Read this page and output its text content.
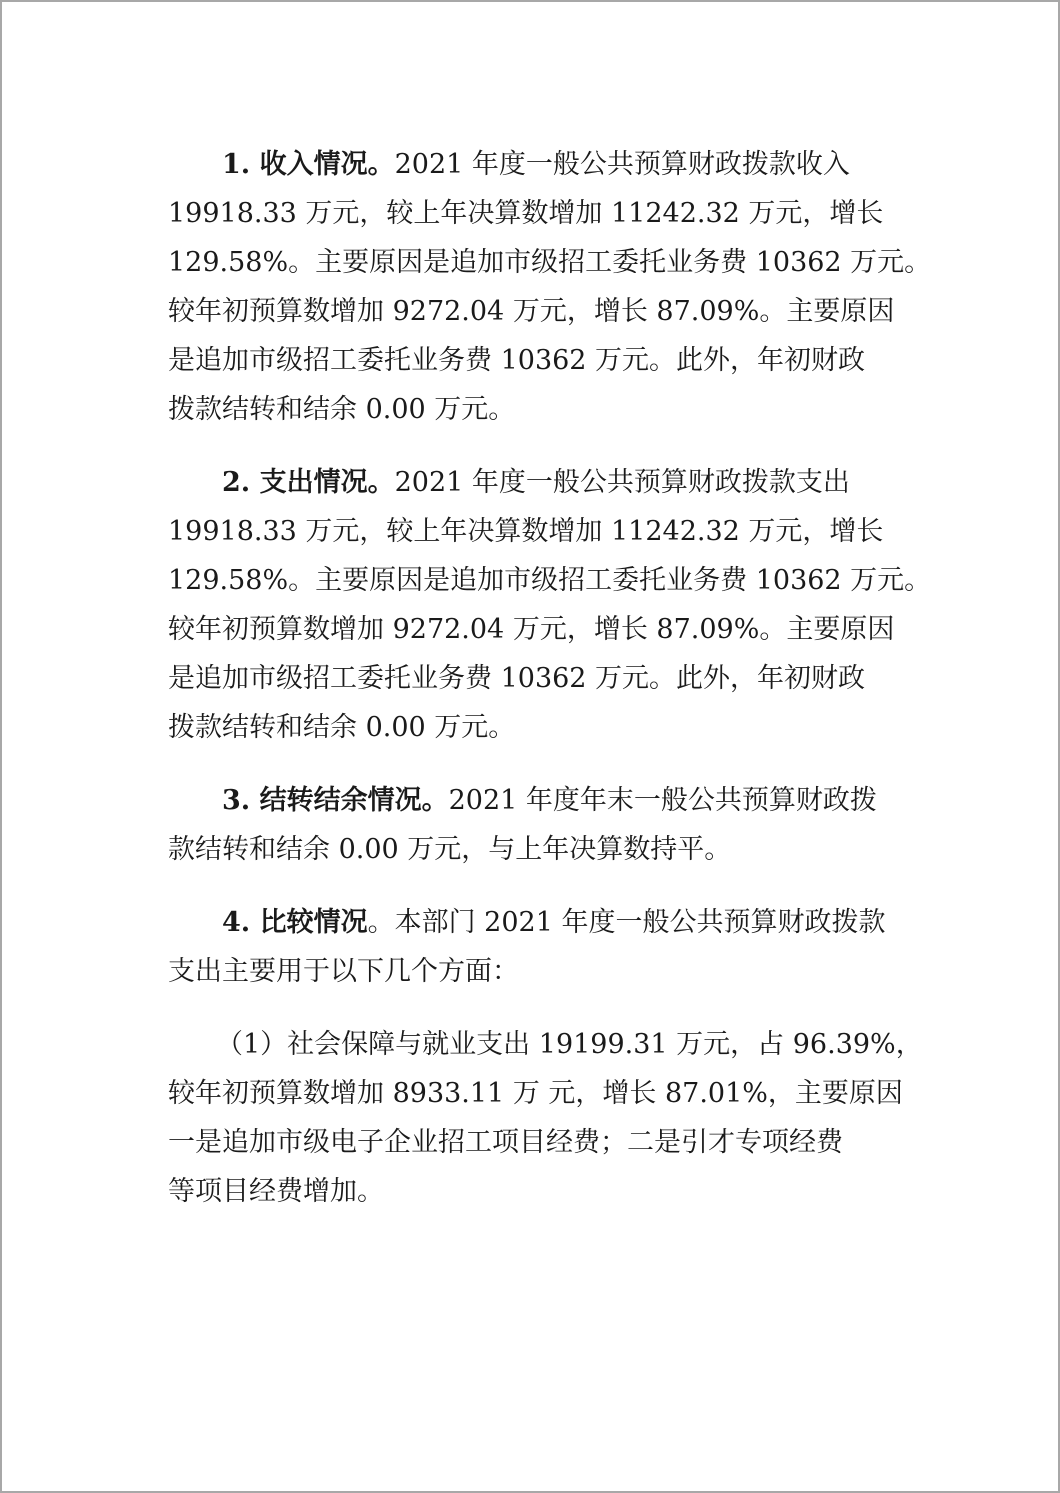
1. 收入情况。2021 年度一般公共预算财政拨款收入
19918.33 万元，较上年决算数增加 11242.32 万元，增长
129.58%。主要原因是追加市级招工委托业务费 10362 万元。
较年初预算数增加 9272.04 万元，增长 87.09%。主要原因
是追加市级招工委托业务费 10362 万元。此外，年初财政
拨款结转和结余 0.00 万元。
2. 支出情况。2021 年度一般公共预算财政拨款支出
19918.33 万元，较上年决算数增加 11242.32 万元，增长
129.58%。主要原因是追加市级招工委托业务费 10362 万元。
较年初预算数增加 9272.04 万元，增长 87.09%。主要原因
是追加市级招工委托业务费 10362 万元。此外，年初财政
拨款结转和结余 0.00 万元。
3. 结转结余情况。2021 年度年末一般公共预算财政拨
款结转和结余 0.00 万元，与上年决算数持平。
4. 比较情况。本部门 2021 年度一般公共预算财政拨款
支出主要用于以下几个方面：
（1）社会保障与就业支出 19199.31 万元，占 96.39%，
较年初预算数增加 8933.11 万 元，增长 87.01%，主要原因
一是追加市级电子企业招工项目经费；二是引才专项经费
等项目经费增加。
